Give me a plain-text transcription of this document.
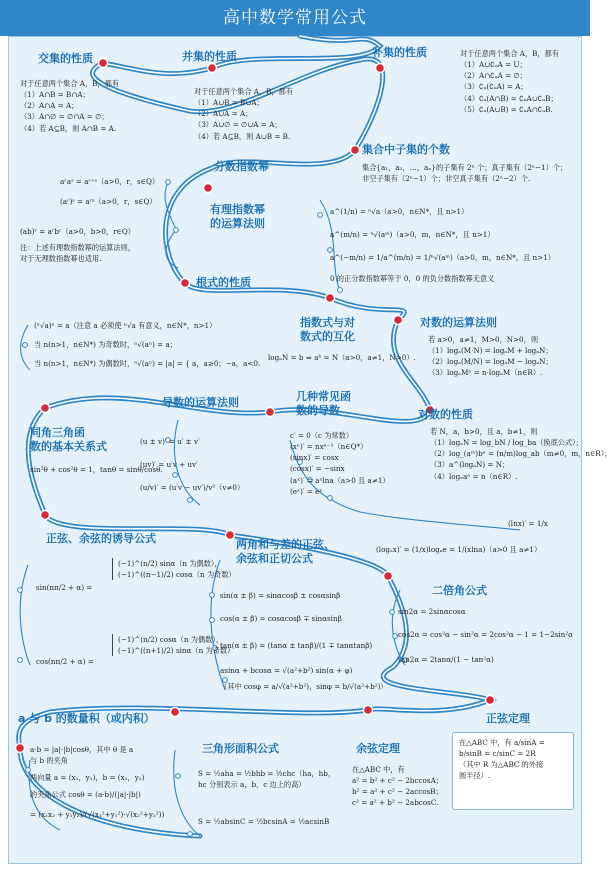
高中数学常用公式
交集的性质
对于任意两个集合 A，B，都有
（1）A∩B = B∩A；
（2）A∩A = A；
（3）A∩∅ = ∅∩A = ∅；
（4）若 A⊆B，则 A∩B = A.
并集的性质
对于任意两个集合 A，B，都有
（1）A∪B = B∪A；
（2）A∪A = A；
（3）A∪∅ = ∅∪A = A；
（4）若 A⊆B，则 A∪B = B.
补集的性质	对于任意两个集合 A，B，都有
（1）A∪∁ᵤA = U；
（2）A∩∁ᵤA = ∅；
（3）∁ᵤ(∁ᵤA) = A；
（4）∁ᵤ(A∩B) = ∁ᵤA∪∁ᵤB；
（5）∁ᵤ(A∪B) = ∁ᵤA∩∁ᵤB.
集合中子集的个数
集合{a₁，a₂，…，aₙ}的子集有 2ⁿ 个；真子集有（2ⁿ−1）个；
非空子集有（2ⁿ−1）个；非空真子集有（2ⁿ−2）个.
分数指数幂
a^(1/n) = ⁿ√a（a>0，n∈N*，且 n>1）
a^(m/n) = ⁿ√(aᵐ)（a>0，m，n∈N*，且 n>1）
a^(−m/n) = 1/a^(m/n) = 1/ⁿ√(aᵐ)（a>0，m，n∈N*，且 n>1）
0 的正分数指数幂等于 0，0 的负分数指数幂无意义
有理指数幂
的运算法则
aʳaˢ = aʳ⁺ˢ（a>0，r，s∈Q）
(aʳ)ˢ = aʳˢ（a>0，r，s∈Q）
(ab)ʳ = aʳbʳ（a>0，b>0，r∈Q）
注：上述有理数指数幂的运算法则，
对于无理数指数幂也适用.
根式的性质
(ⁿ√a)ⁿ = a（注意 a 必须使 ⁿ√a 有意义，n∈N*，n>1）
当 n(n>1，n∈N*) 为奇数时，ⁿ√(aⁿ) = a；
当 n(n>1，n∈N*) 为偶数时，ⁿ√(aⁿ) = |a| = { a，a≥0；−a，a<0.
指数式与对
数式的互化
logₐN = b ⇔ aᵇ = N（a>0，a≠1，N>0）.
对数的运算法则
若 a>0，a≠1，M>0，N>0，则
（1）logₐ(M·N) = logₐM + logₐN；
（2）logₐ(M/N) = logₐM − logₐN；
（3）logₐMⁿ = n·logₐM（n∈R）.
导数的运算法则
(u ± v)′ = u′ ± v′
(uv)′ = u′v + uv′
(u/v)′ = (u′v − uv′)/v²（v≠0）
几种常见函
数的导数
c′ = 0（c 为常数）
(xⁿ)′ = nxⁿ⁻¹（n∈Q*）
(sinx)′ = cosx
(cosx)′ = −sinx
(aˣ)′ = aˣlna（a>0 且 a≠1）
(eˣ)′ = eˣ
(lnx)′ = 1/x
(logₐx)′ = (1/x)logₐe = 1/(xlna)（a>0 且 a≠1）
对数的性质
若 N，a，b>0，且 a，b≠1，则
（1）logₐN = log_bN / log_ba（换底公式）；
（2）log_(aᵐ)bⁿ = (n/m)log_ab（m≠0，m，n∈R）；
（3）a^(logₐN) = N；
（4）logₐaⁿ = n（n∈R）.
同角三角函
数的基本关系式
sin²θ + cos²θ = 1，tanθ = sinθ/cosθ.
正弦、余弦的诱导公式
sin(nπ/2 + α) =
(−1)^(n/2) sinα（n 为偶数），
(−1)^((n−1)/2) cosα（n 为奇数）
cos(nπ/2 + α) =
(−1)^(n/2) cosα（n 为偶数），
(−1)^((n+1)/2) sinα（n 为奇数）
两角和与差的正弦、
余弦和正切公式
sin(α ± β) = sinαcosβ ± cosαsinβ
cos(α ± β) = cosαcosβ ∓ sinαsinβ
tan(α ± β) = (tanα ± tanβ)/(1 ∓ tanαtanβ)
asinα + bcosα = √(a²+b²) sin(α + φ)
（其中 cosφ = a/√(a²+b²)，sinφ = b/√(a²+b²)）
二倍角公式
sin2α = 2sinαcosα
cos2α = cos²α − sin²α = 2cos²α − 1 = 1−2sin²α
tan2α = 2tanα/(1 − tan²α)
a 与 b 的数量积（或内积）
a·b = |a|·|b|cosθ，其中 θ 是 a
与 b 的夹角
两向量 a = (x₁，y₁)，b = (x₂，y₂)
的夹角公式 cosθ = (a·b)/(|a|·|b|)
= (x₁x₂ + y₁y₂)/(√(x₁²+y₁²)·√(x₂²+y₂²))
三角形面积公式
S = ½aha = ½bhb = ½chc（ha，hb，
hc 分别表示 a，b，c 边上的高）
S = ½absinC = ½bcsinA = ½acsinB
余弦定理
在△ABC 中，有
a² = b² + c² − 2bccosA；
b² = a² + c² − 2accosB；
c² = a² + b² − 2abcosC.
正弦定理
在△ABC 中，有 a/sinA =
b/sinB = c/sinC = 2R
（其中 R 为△ABC 的外接
圆半径）.
